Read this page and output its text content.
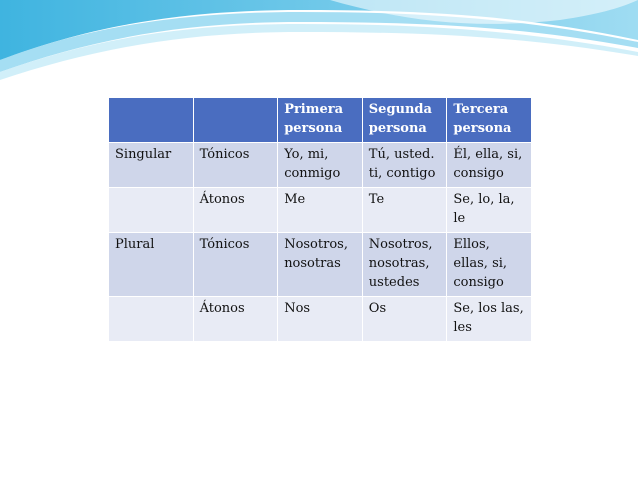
		Primera persona	Segunda persona	Tercera persona
Singular	Tónicos	Yo, mi, conmigo	Tú, usted. ti, contigo	Él, ella, si, consigo
	Átonos	Me	Te	Se, lo, la, le
Plural	Tónicos	Nosotros, nosotras	Nosotros, nosotras, ustedes	Ellos, ellas, si, consigo
	Átonos	Nos	Os	Se, los las, les
